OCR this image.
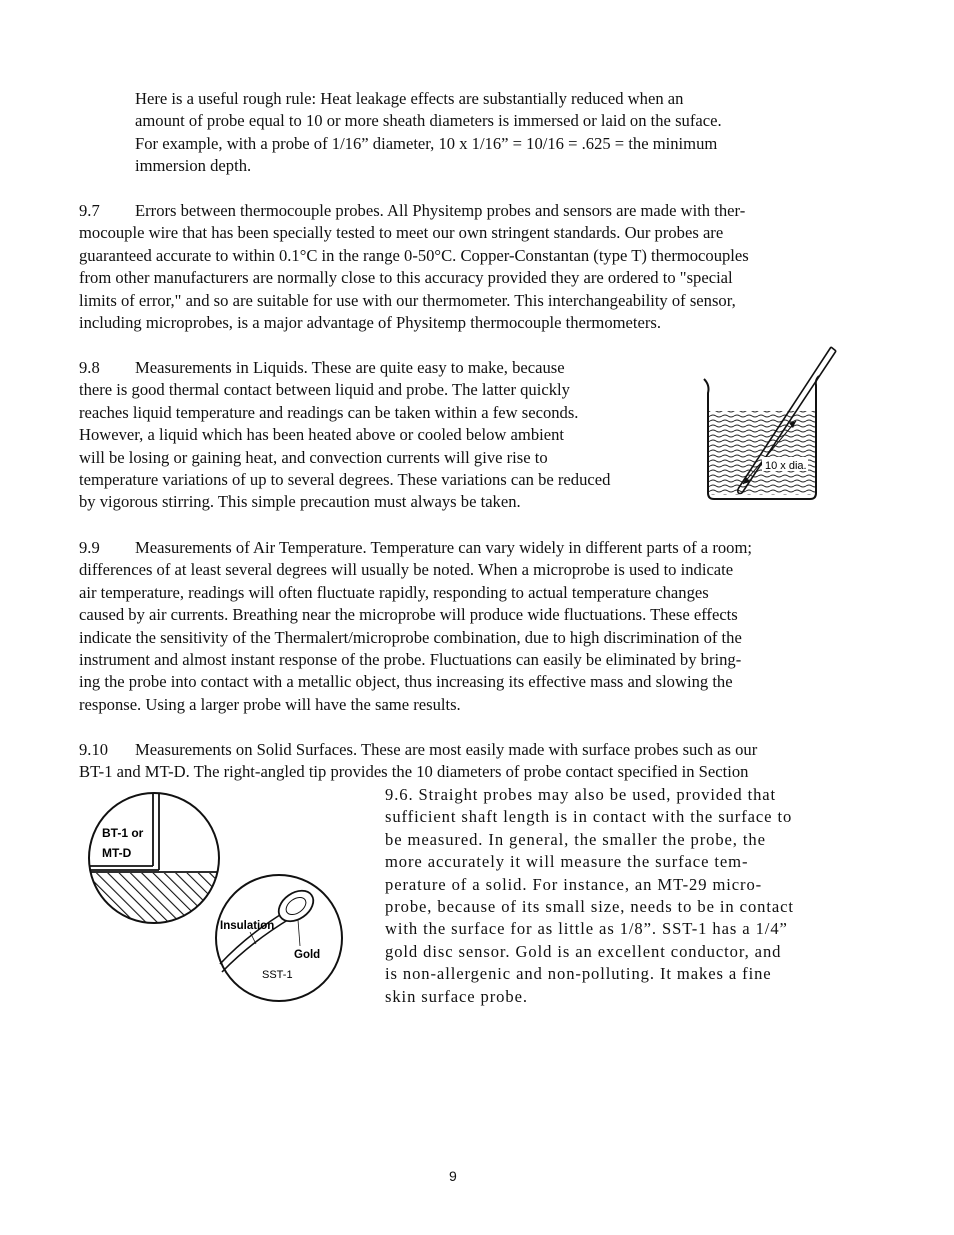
Here is a useful rough rule: Heat leakage effects are substantially reduced when an
amount of probe equal to 10 or more sheath diameters is immersed or laid on the suface.
For example, with a probe of 1/16” diameter, 10 x 1/16” = 10/16 = .625 = the minimum
immersion depth.
9.7 Errors between thermocouple probes. All Physitemp probes and sensors are made with ther-
mocouple wire that has been specially tested to meet our own stringent standards. Our probes are
guaranteed accurate to within 0.1°C in the range 0-50°C. Copper-Constantan (type T) thermocouples
from other manufacturers are normally close to this accuracy provided they are ordered to "special
limits of error," and so are suitable for use with our thermometer. This interchangeability of sensor,
including microprobes, is a major advantage of Physitemp thermocouple thermometers.
9.8 Measurements in Liquids. These are quite easy to make, because
there is good thermal contact between liquid and probe. The latter quickly
reaches liquid temperature and readings can be taken within a few seconds.
However, a liquid which has been heated above or cooled below ambient
will be losing or gaining heat, and convection currents will give rise to
temperature variations of up to several degrees. These variations can be reduced
by vigorous stirring. This simple precaution must always be taken.
10 x dia.
9.9 Measurements of Air Temperature. Temperature can vary widely in different parts of a room;
differences of at least several degrees will usually be noted. When a microprobe is used to indicate
air temperature, readings will often fluctuate rapidly, responding to actual temperature changes
caused by air currents. Breathing near the microprobe will produce wide fluctuations. These effects
indicate the sensitivity of the Thermalert/microprobe combination, due to high discrimination of the
instrument and almost instant response of the probe. Fluctuations can easily be eliminated by bring-
ing the probe into contact with a metallic object, thus increasing its effective mass and slowing the
response. Using a larger probe will have the same results.
9.10 Measurements on Solid Surfaces. These are most easily made with surface probes such as our
BT-1 and MT-D. The right-angled tip provides the 10 diameters of probe contact specified in Section
9.6. Straight probes may also be used, provided that
sufficient shaft length is in contact with the surface to
be measured. In general, the smaller the probe, the
more accurately it will measure the surface tem-
perature of a solid. For instance, an MT-29 micro-
probe, because of its small size, needs to be in contact
with the surface for as little as 1/8”. SST-1 has a 1/4”
gold disc sensor. Gold is an excellent conductor, and
is non-allergenic and non-polluting. It makes a fine
skin surface probe.
BT-1 or
MT-D
Insulation
Gold
SST-1
9
